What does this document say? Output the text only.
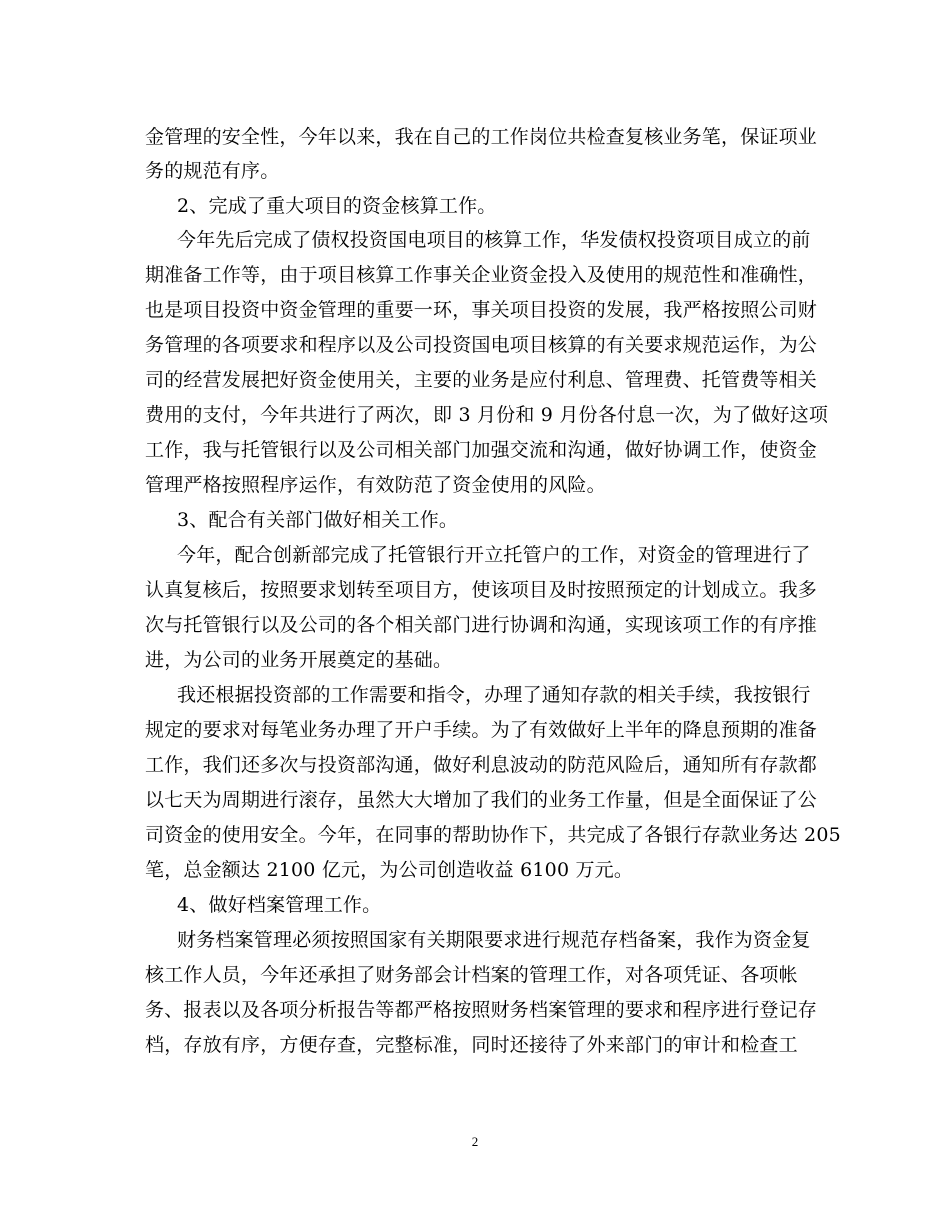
金管理的安全性，今年以来，我在自己的工作岗位共检查复核业务笔，保证项业
务的规范有序。
2、完成了重大项目的资金核算工作。
今年先后完成了债权投资国电项目的核算工作，华发债权投资项目成立的前
期准备工作等，由于项目核算工作事关企业资金投入及使用的规范性和准确性，
也是项目投资中资金管理的重要一环，事关项目投资的发展，我严格按照公司财
务管理的各项要求和程序以及公司投资国电项目核算的有关要求规范运作，为公
司的经营发展把好资金使用关，主要的业务是应付利息、管理费、托管费等相关
费用的支付，今年共进行了两次，即 3 月份和 9 月份各付息一次，为了做好这项
工作，我与托管银行以及公司相关部门加强交流和沟通，做好协调工作，使资金
管理严格按照程序运作，有效防范了资金使用的风险。
3、配合有关部门做好相关工作。
今年，配合创新部完成了托管银行开立托管户的工作，对资金的管理进行了
认真复核后，按照要求划转至项目方，使该项目及时按照预定的计划成立。我多
次与托管银行以及公司的各个相关部门进行协调和沟通，实现该项工作的有序推
进，为公司的业务开展奠定的基础。
我还根据投资部的工作需要和指令，办理了通知存款的相关手续，我按银行
规定的要求对每笔业务办理了开户手续。为了有效做好上半年的降息预期的准备
工作，我们还多次与投资部沟通，做好利息波动的防范风险后，通知所有存款都
以七天为周期进行滚存，虽然大大增加了我们的业务工作量，但是全面保证了公
司资金的使用安全。今年，在同事的帮助协作下，共完成了各银行存款业务达 205
笔，总金额达 2100 亿元，为公司创造收益 6100 万元。
4、做好档案管理工作。
财务档案管理必须按照国家有关期限要求进行规范存档备案，我作为资金复
核工作人员，今年还承担了财务部会计档案的管理工作，对各项凭证、各项帐
务、报表以及各项分析报告等都严格按照财务档案管理的要求和程序进行登记存
档，存放有序，方便存查，完整标准，同时还接待了外来部门的审计和检查工
2
